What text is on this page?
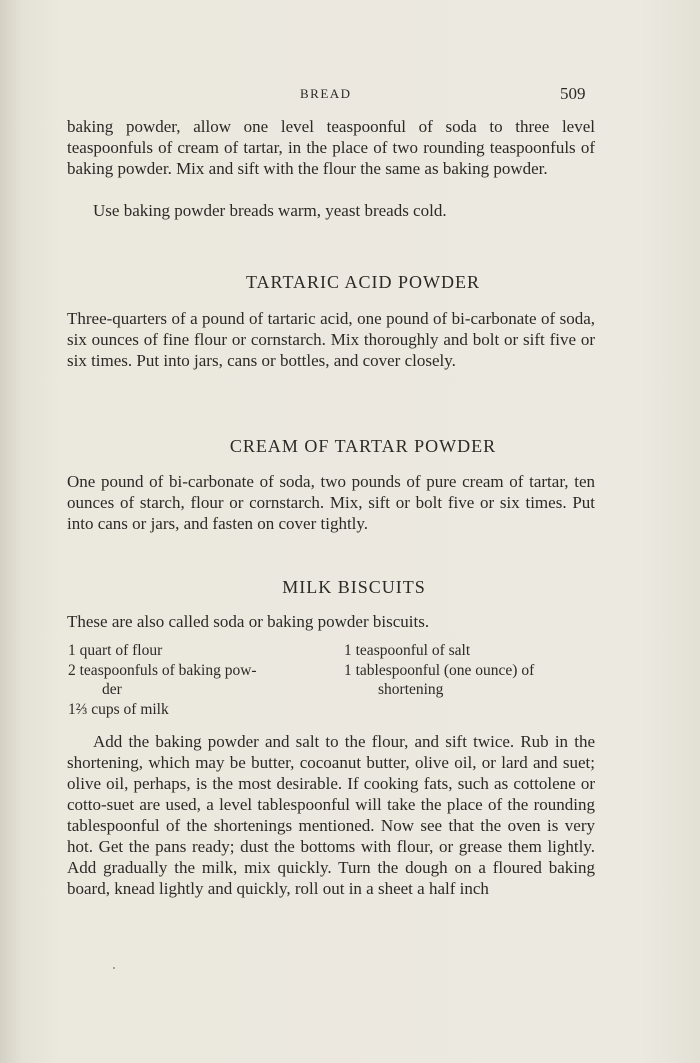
BREAD	509

baking powder, allow one level teaspoonful of soda to three level teaspoonfuls of cream of tartar, in the place of two rounding teaspoonfuls of baking powder. Mix and sift with the flour the same as baking powder.

Use baking powder breads warm, yeast breads cold.

TARTARIC ACID POWDER

Three-quarters of a pound of tartaric acid, one pound of bi-carbonate of soda, six ounces of fine flour or cornstarch. Mix thoroughly and bolt or sift five or six times. Put into jars, cans or bottles, and cover closely.

CREAM OF TARTAR POWDER

One pound of bi-carbonate of soda, two pounds of pure cream of tartar, ten ounces of starch, flour or cornstarch. Mix, sift or bolt five or six times. Put into cans or jars, and fasten on cover tightly.

MILK BISCUITS

These are also called soda or baking powder biscuits.

1 quart of flour

2 teaspoonfuls of baking pow-
der

1⅔ cups of milk

1 teaspoonful of salt

1 tablespoonful (one ounce) of
shortening

Add the baking powder and salt to the flour, and sift twice. Rub in the shortening, which may be butter, cocoanut butter, olive oil, or lard and suet; olive oil, perhaps, is the most desirable. If cooking fats, such as cottolene or cotto-suet are used, a level tablespoonful will take the place of the rounding tablespoonful of the shortenings mentioned. Now see that the oven is very hot. Get the pans ready; dust the bottoms with flour, or grease them lightly. Add gradually the milk, mix quickly. Turn the dough on a floured baking board, knead lightly and quickly, roll out in a sheet a half inch
